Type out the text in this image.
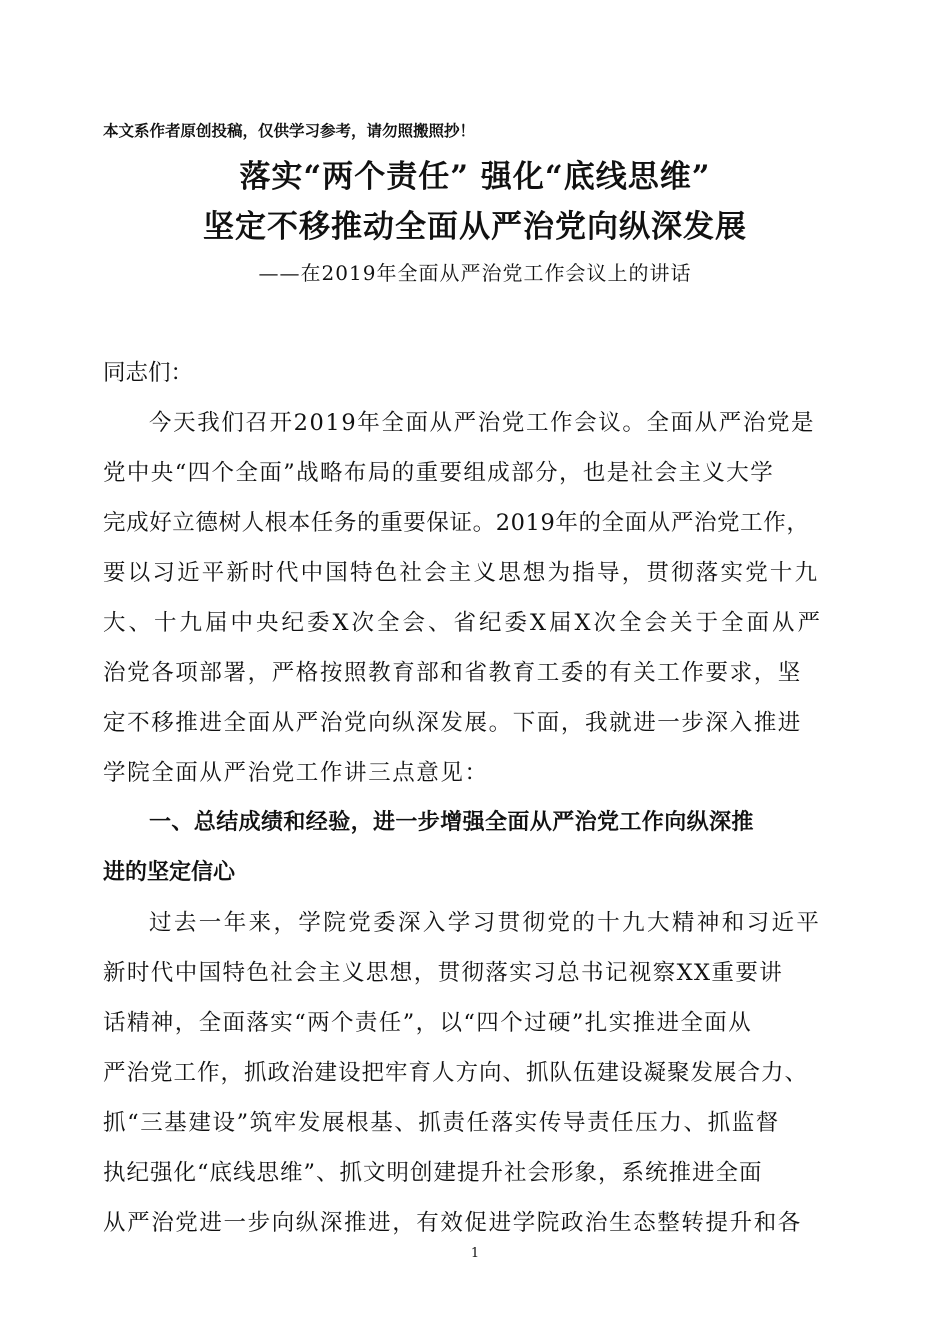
本文系作者原创投稿，仅供学习参考，请勿照搬照抄！
落实“两个责任” 强化“底线思维”
坚定不移推动全面从严治党向纵深发展
——在2019年全面从严治党工作会议上的讲话
同志们：
今天我们召开2019年全面从严治党工作会议。全面从严治党是
党中央“四个全面”战略布局的重要组成部分，也是社会主义大学
完成好立德树人根本任务的重要保证。2019年的全面从严治党工作，
要以习近平新时代中国特色社会主义思想为指导，贯彻落实党十九
大、十九届中央纪委X次全会、省纪委X届X次全会关于全面从严
治党各项部署，严格按照教育部和省教育工委的有关工作要求，坚
定不移推进全面从严治党向纵深发展。下面，我就进一步深入推进
学院全面从严治党工作讲三点意见：
一、总结成绩和经验，进一步增强全面从严治党工作向纵深推
进的坚定信心
过去一年来，学院党委深入学习贯彻党的十九大精神和习近平
新时代中国特色社会主义思想，贯彻落实习总书记视察XX重要讲
话精神，全面落实“两个责任”，以“四个过硬”扎实推进全面从
严治党工作，抓政治建设把牢育人方向、抓队伍建设凝聚发展合力、
抓“三基建设”筑牢发展根基、抓责任落实传导责任压力、抓监督
执纪强化“底线思维”、抓文明创建提升社会形象，系统推进全面
从严治党进一步向纵深推进，有效促进学院政治生态整转提升和各
1
